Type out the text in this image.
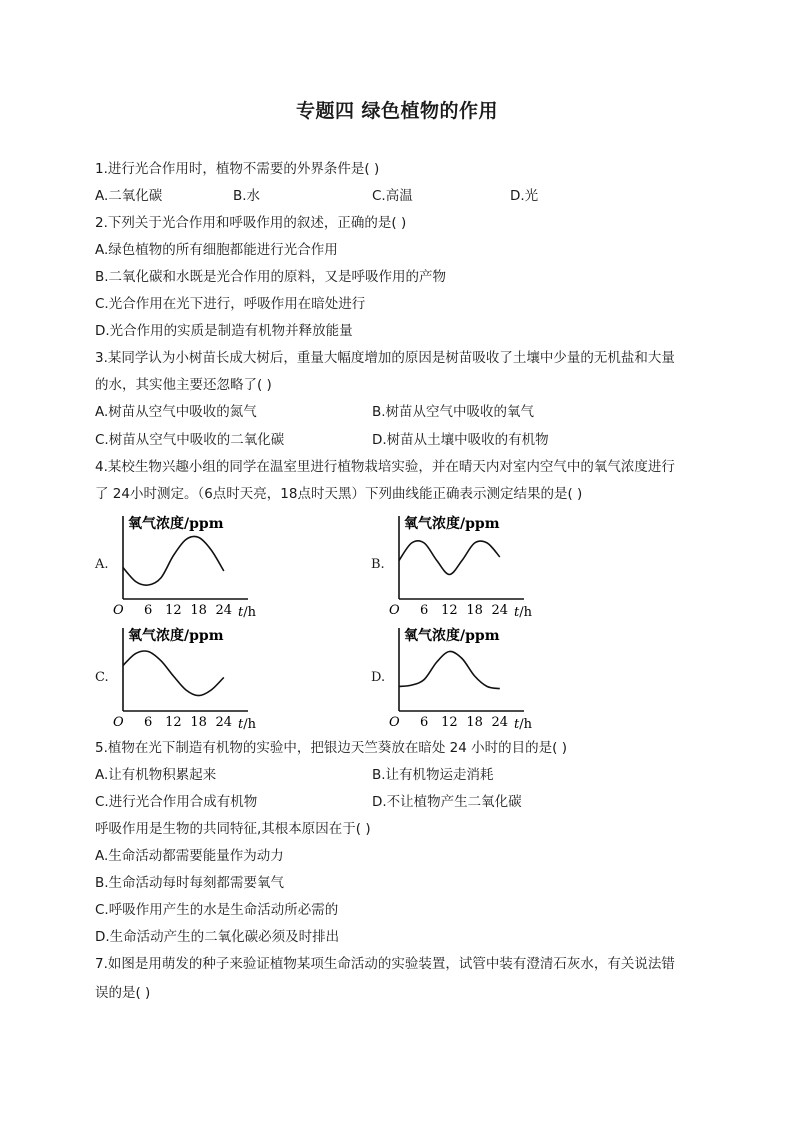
专题四 绿色植物的作用
1.进行光合作用时，植物不需要的外界条件是( )
A.二氧化碳	B.水	C.高温	D.光
2.下列关于光合作用和呼吸作用的叙述，正确的是( )
A.绿色植物的所有细胞都能进行光合作用
B.二氧化碳和水既是光合作用的原料，又是呼吸作用的产物
C.光合作用在光下进行，呼吸作用在暗处进行
D.光合作用的实质是制造有机物并释放能量
3.某同学认为小树苗长成大树后，重量大幅度增加的原因是树苗吸收了土壤中少量的无机盐和大量
的水，其实他主要还忽略了( )
A.树苗从空气中吸收的氮气	B.树苗从空气中吸收的氧气
C.树苗从空气中吸收的二氧化碳	D.树苗从土壤中吸收的有机物
4.某校生物兴趣小组的同学在温室里进行植物栽培实验，并在晴天内对室内空气中的氧气浓度进行
了 24小时测定。（6点时天亮，18点时天黑）下列曲线能正确表示测定结果的是( )
A.	B.
C.	D.
氧气浓度/ppm
O 6 12 18 24 t/h
氧气浓度/ppm
O 6 12 18 24 t/h
氧气浓度/ppm
O 6 12 18 24 t/h
氧气浓度/ppm
O 6 12 18 24 t/h
5.植物在光下制造有机物的实验中，把银边天竺葵放在暗处 24 小时的目的是( )
A.让有机物积累起来	B.让有机物运走消耗
C.进行光合作用合成有机物	D.不让植物产生二氧化碳
呼吸作用是生物的共同特征,其根本原因在于( )
A.生命活动都需要能量作为动力
B.生命活动每时每刻都需要氧气
C.呼吸作用产生的水是生命活动所必需的
D.生命活动产生的二氧化碳必须及时排出
7.如图是用萌发的种子来验证植物某项生命活动的实验装置，试管中装有澄清石灰水，有关说法错
误的是( )
